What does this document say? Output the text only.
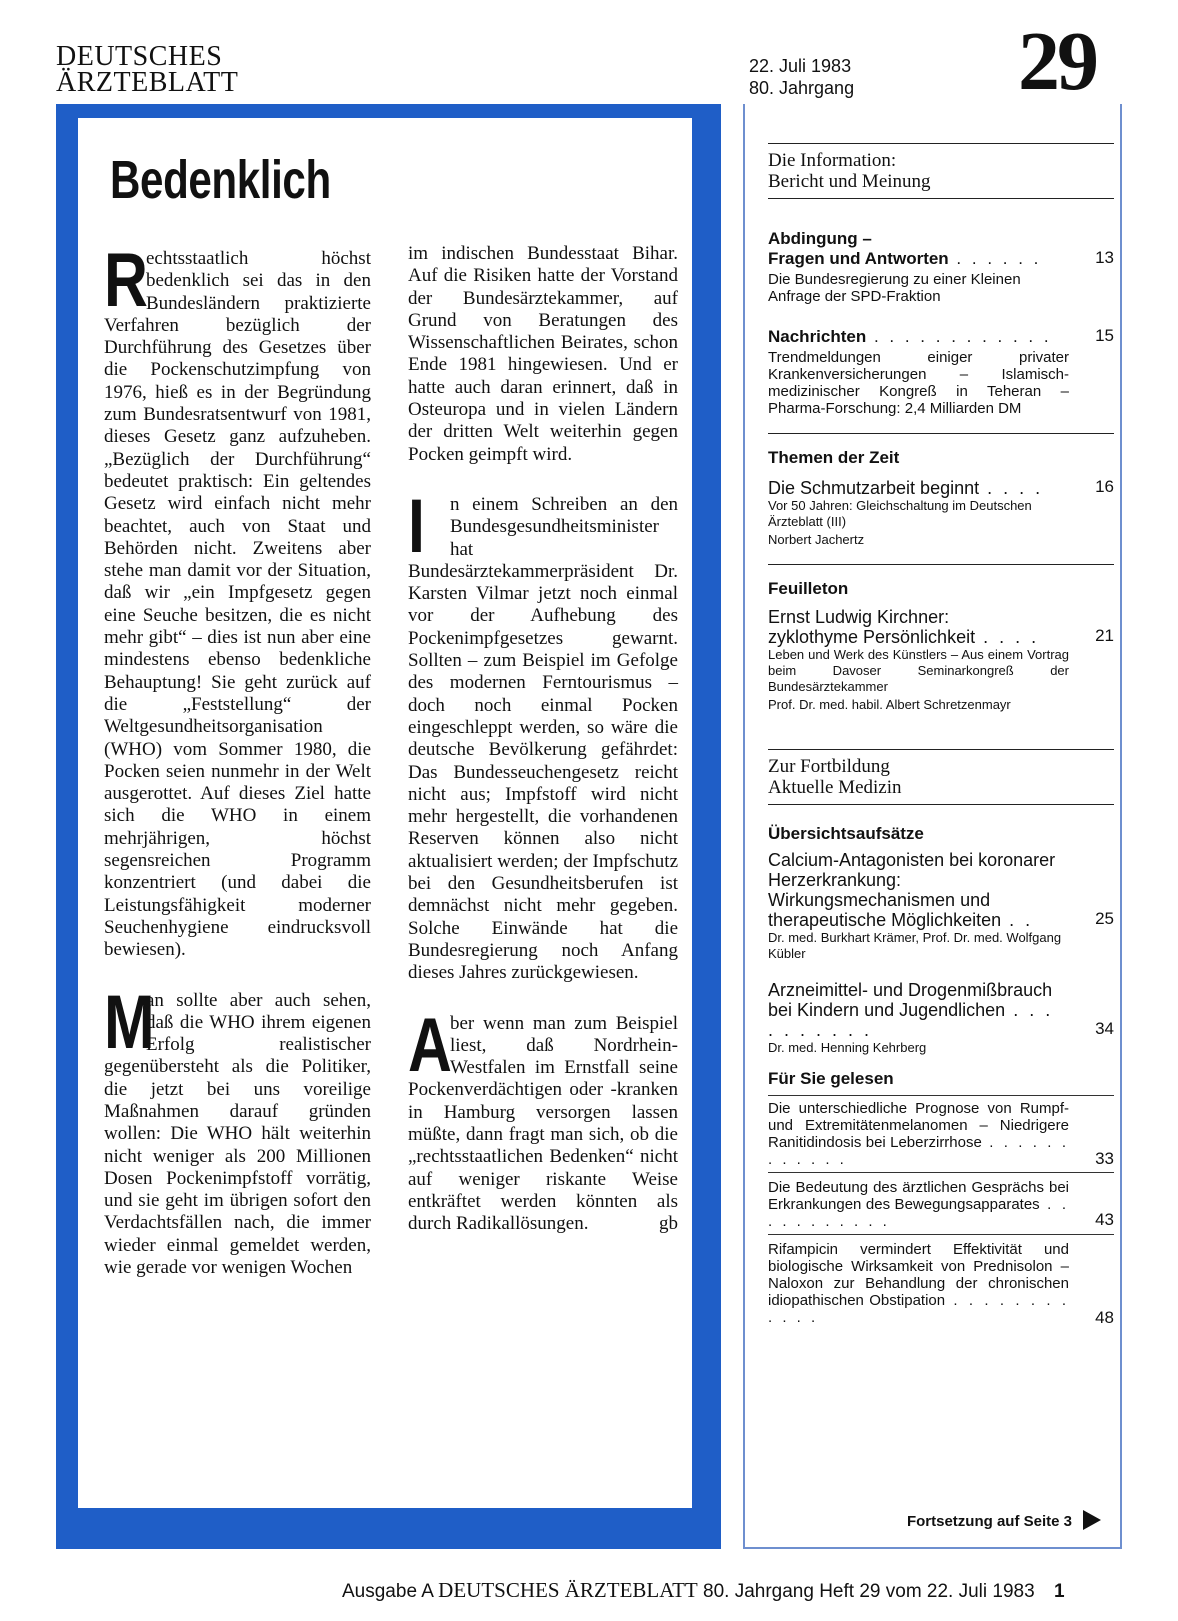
DEUTSCHES
ÄRZTEBLATT
22. Juli 1983
80. Jahrgang 29
Bedenklich

R
echtsstaatlich höchst bedenklich sei das in den Bundesländern praktizierte Verfahren bezüglich der Durchführung des Gesetzes über die Pockenschutzimpfung von 1976, hieß es in der Begründung zum Bundesratsentwurf von 1981, dieses Gesetz ganz aufzuheben. „Bezüglich der Durchführung“ bedeutet praktisch: Ein geltendes Gesetz wird einfach nicht mehr beachtet, auch von Staat und Behörden nicht. Zweitens aber stehe man damit vor der Situation, daß wir „ein Impfgesetz gegen eine Seuche besitzen, die es nicht mehr gibt“ – dies ist nun aber eine mindestens ebenso bedenkliche Behauptung! Sie geht zurück auf die „Feststellung“ der Weltgesundheitsorganisation (WHO) vom Sommer 1980, die Pocken seien nunmehr in der Welt ausgerottet. Auf dieses Ziel hatte sich die WHO in einem mehrjährigen, höchst segensreichen Programm konzentriert (und dabei die Leistungsfähigkeit moderner Seuchenhygiene eindrucksvoll bewiesen).

M
an sollte aber auch sehen, daß die WHO ihrem eigenen Erfolg realistischer gegenübersteht als die Politiker, die jetzt bei uns voreilige Maßnahmen darauf gründen wollen: Die WHO hält weiterhin nicht weniger als 200 Millionen Dosen Pockenimpfstoff vorrätig, und sie geht im übrigen sofort den Verdachtsfällen nach, die immer wieder einmal gemeldet werden, wie gerade vor wenigen Wochen

im indischen Bundesstaat Bihar. Auf die Risiken hatte der Vorstand der Bundesärztekammer, auf Grund von Beratungen des Wissenschaftlichen Beirates, schon Ende 1981 hingewiesen. Und er hatte auch daran erinnert, daß in Osteuropa und in vielen Ländern der dritten Welt weiterhin gegen Pocken geimpft wird.

I	n einem Schreiben an den Bundesgesundheitsminister hat Bundesärztekammerpräsident Dr. Karsten Vilmar jetzt noch einmal vor der Aufhebung des Pockenimpfgesetzes gewarnt. Sollten – zum Beispiel im Gefolge des modernen Ferntourismus – doch noch einmal Pocken eingeschleppt werden, so wäre die deutsche Bevölkerung gefährdet: Das Bundesseuchengesetz reicht nicht aus; Impfstoff wird nicht mehr hergestellt, die vorhandenen Reserven können also nicht aktualisiert werden; der Impfschutz bei den Gesundheitsberufen ist demnächst nicht mehr gegeben. Solche Einwände hat die Bundesregierung noch Anfang dieses Jahres zurückgewiesen.

A
ber wenn man zum Beispiel liest, daß Nordrhein-Westfalen im Ernstfall seine Pockenverdächtigen oder -kranken in Hamburg versorgen lassen müßte, dann fragt man sich, ob die „rechtsstaatlichen Bedenken“ nicht auf weniger riskante Weise entkräftet werden könnten als durch Radikallösungen.	gb

Die Information:
Bericht und Meinung
Abdingung –
Fragen und Antworten . . . . . .	13
Die Bundesregierung zu einer Kleinen Anfrage der SPD-Fraktion
Nachrichten . . . . . . . . . . . .	15
Trendmeldungen einiger privater Krankenversicherungen – Islamisch-medizinischer Kongreß in Teheran – Pharma-Forschung: 2,4 Milliarden DM
Themen der Zeit
Die Schmutzarbeit beginnt . . . .	16
Vor 50 Jahren: Gleichschaltung im Deutschen Ärzteblatt (III)
Norbert Jachertz
Feuilleton
Ernst Ludwig Kirchner:
zyklothyme Persönlichkeit . . . .	21
Leben und Werk des Künstlers – Aus einem Vortrag beim Davoser Seminarkongreß der Bundesärztekammer
Prof. Dr. med. habil. Albert Schretzenmayr
Zur Fortbildung
Aktuelle Medizin
Übersichtsaufsätze
Calcium-Antagonisten bei koronarer Herzerkrankung: Wirkungsmechanismen und therapeutische Möglichkeiten . .	25
Dr. med. Burkhart Krämer, Prof. Dr. med. Wolfgang Kübler
Arzneimittel- und Drogenmißbrauch bei Kindern und Jugendlichen . . . . . . . . . .	34
Dr. med. Henning Kehrberg
Für Sie gelesen
Die unterschiedliche Prognose von Rumpf- und Extremitätenmelanomen – Niedrigere Ranitidindosis bei Leberzirrhose . . . . . . . . . . . .	33
Die Bedeutung des ärztlichen Gesprächs bei Erkrankungen des Bewegungsapparates . . . . . . . . . . .	43
Rifampicin vermindert Effektivität und biologische Wirksamkeit von Prednisolon – Naloxon zur Behandlung der chronischen idiopathischen Obstipation . . . . . . . . . . . .	48
Fortsetzung auf Seite 3
Ausgabe A DEUTSCHES ÄRZTEBLATT 80. Jahrgang Heft 29 vom 22. Juli 1983 1
